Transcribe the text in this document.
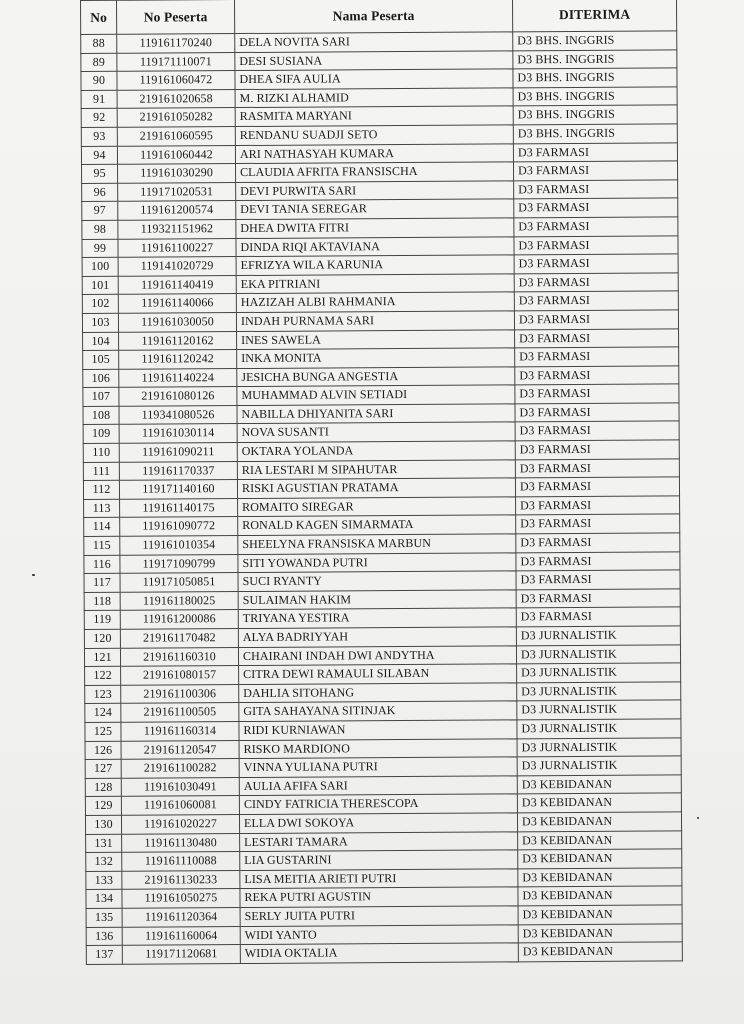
No	No Peserta	Nama Peserta	DITERIMA
88	119161170240	DELA NOVITA SARI	D3 BHS. INGGRIS
89	119171110071	DESI SUSIANA	D3 BHS. INGGRIS
90	119161060472	DHEA SIFA AULIA	D3 BHS. INGGRIS
91	219161020658	M. RIZKI ALHAMID	D3 BHS. INGGRIS
92	219161050282	RASMITA MARYANI	D3 BHS. INGGRIS
93	219161060595	RENDANU SUADJI SETO	D3 BHS. INGGRIS
94	119161060442	ARI NATHASYAH KUMARA	D3 FARMASI
95	119161030290	CLAUDIA AFRITA FRANSISCHA	D3 FARMASI
96	119171020531	DEVI PURWITA SARI	D3 FARMASI
97	119161200574	DEVI TANIA SEREGAR	D3 FARMASI
98	119321151962	DHEA DWITA FITRI	D3 FARMASI
99	119161100227	DINDA RIQI AKTAVIANA	D3 FARMASI
100	119141020729	EFRIZYA WILA KARUNIA	D3 FARMASI
101	119161140419	EKA PITRIANI	D3 FARMASI
102	119161140066	HAZIZAH ALBI RAHMANIA	D3 FARMASI
103	119161030050	INDAH PURNAMA SARI	D3 FARMASI
104	119161120162	INES SAWELA	D3 FARMASI
105	119161120242	INKA MONITA	D3 FARMASI
106	119161140224	JESICHA BUNGA ANGESTIA	D3 FARMASI
107	219161080126	MUHAMMAD ALVIN SETIADI	D3 FARMASI
108	119341080526	NABILLA DHIYANITA SARI	D3 FARMASI
109	119161030114	NOVA SUSANTI	D3 FARMASI
110	119161090211	OKTARA YOLANDA	D3 FARMASI
111	119161170337	RIA LESTARI M SIPAHUTAR	D3 FARMASI
112	119171140160	RISKI AGUSTIAN PRATAMA	D3 FARMASI
113	119161140175	ROMAITO SIREGAR	D3 FARMASI
114	119161090772	RONALD KAGEN SIMARMATA	D3 FARMASI
115	119161010354	SHEELYNA FRANSISKA MARBUN	D3 FARMASI
116	119171090799	SITI YOWANDA PUTRI	D3 FARMASI
117	119171050851	SUCI RYANTY	D3 FARMASI
118	119161180025	SULAIMAN HAKIM	D3 FARMASI
119	119161200086	TRIYANA YESTIRA	D3 FARMASI
120	219161170482	ALYA BADRIYYAH	D3 JURNALISTIK
121	219161160310	CHAIRANI INDAH DWI ANDYTHA	D3 JURNALISTIK
122	219161080157	CITRA DEWI RAMAULI SILABAN	D3 JURNALISTIK
123	219161100306	DAHLIA SITOHANG	D3 JURNALISTIK
124	219161100505	GITA SAHAYANA SITINJAK	D3 JURNALISTIK
125	119161160314	RIDI KURNIAWAN	D3 JURNALISTIK
126	219161120547	RISKO MARDIONO	D3 JURNALISTIK
127	219161100282	VINNA YULIANA PUTRI	D3 JURNALISTIK
128	119161030491	AULIA AFIFA SARI	D3 KEBIDANAN
129	119161060081	CINDY FATRICIA THERESCOPA	D3 KEBIDANAN
130	119161020227	ELLA DWI SOKOYA	D3 KEBIDANAN
131	119161130480	LESTARI TAMARA	D3 KEBIDANAN
132	119161110088	LIA GUSTARINI	D3 KEBIDANAN
133	219161130233	LISA MEITIA ARIETI PUTRI	D3 KEBIDANAN
134	119161050275	REKA PUTRI AGUSTIN	D3 KEBIDANAN
135	119161120364	SERLY JUITA PUTRI	D3 KEBIDANAN
136	119161160064	WIDI YANTO	D3 KEBIDANAN
137	119171120681	WIDIA OKTALIA	D3 KEBIDANAN
